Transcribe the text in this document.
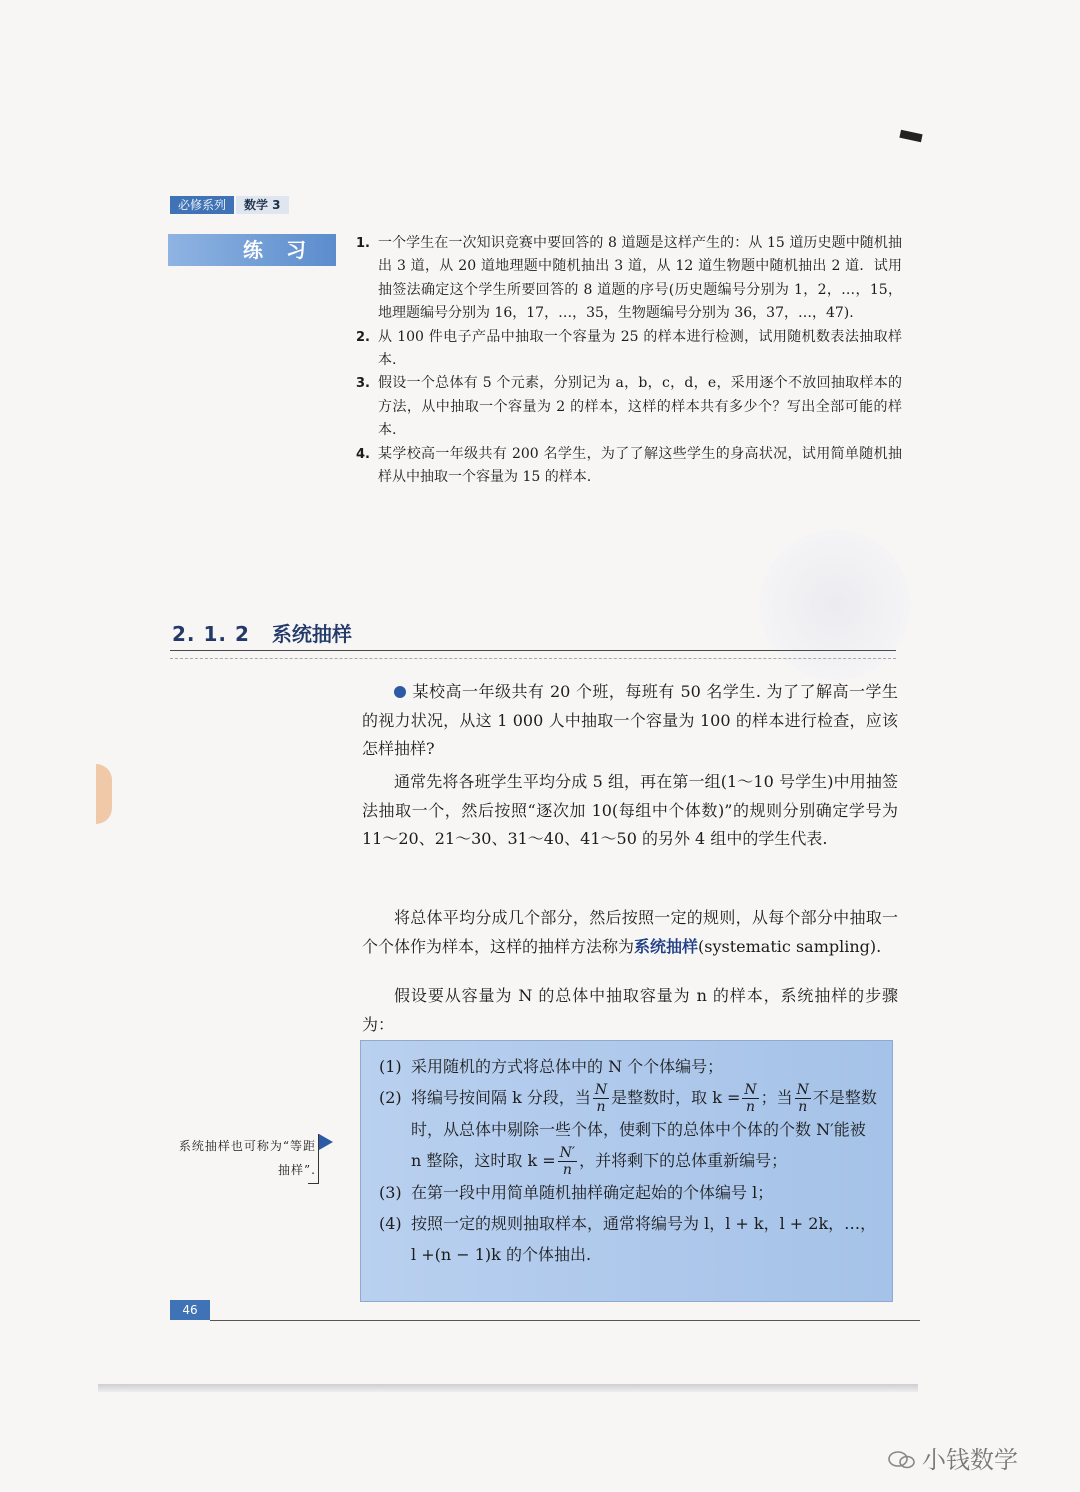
必修系列	数学 3
练 习	1. 一个学生在一次知识竞赛中要回答的 8 道题是这样产生的：从 15 道历史题中随机抽出 3 道，从 20 道地理题中随机抽出 3 道，从 12 道生物题中随机抽出 2 道．试用抽签法确定这个学生所要回答的 8 道题的序号(历史题编号分别为 1，2，…，15，地理题编号分别为 16，17，…，35，生物题编号分别为 36，37，…，47).
2. 从 100 件电子产品中抽取一个容量为 25 的样本进行检测，试用随机数表法抽取样本.
3. 假设一个总体有 5 个元素，分别记为 a，b，c，d，e，采用逐个不放回抽取样本的方法，从中抽取一个容量为 2 的样本，这样的样本共有多少个？写出全部可能的样本.
4. 某学校高一年级共有 200 名学生，为了了解这些学生的身高状况，试用简单随机抽样从中抽取一个容量为 15 的样本.
2. 1. 2 系统抽样

某校高一年级共有 20 个班，每班有 50 名学生. 为了了解高一学生的视力状况，从这 1 000 人中抽取一个容量为 100 的样本进行检查，应该怎样抽样?

通常先将各班学生平均分成 5 组，再在第一组(1～10 号学生)中用抽签法抽取一个，然后按照“逐次加 10(每组中个体数)”的规则分别确定学号为 11～20、21～30、31～40、41～50 的另外 4 组中的学生代表.

将总体平均分成几个部分，然后按照一定的规则，从每个部分中抽取一个个体作为样本，这样的抽样方法称为系统抽样(systematic sampling).

假设要从容量为 N 的总体中抽取容量为 n 的样本，系统抽样的步骤为：

(1) 采用随机的方式将总体中的 N 个个体编号；

(2) 将编号按间隔 k 分段，当 $\frac{N}{n}$ 是整数时，取 $k = \frac{N}{n}$ ；当 $\frac{N}{n}$ 不是整数时，从总体中剔除一些个体，使剩下的总体中个体的个数 N′能被 n 整除，这时取 $k = \frac{N'}{n}$ ，并将剩下的总体重新编号；

(3) 在第一段中用简单随机抽样确定起始的个体编号 l；

(4) 按照一定的规则抽取样本，通常将编号为 l，l + k，l + 2k，…，l +(n − 1)k 的个体抽出.

系统抽样也可称为“等距抽样”.
46
小钱数学
